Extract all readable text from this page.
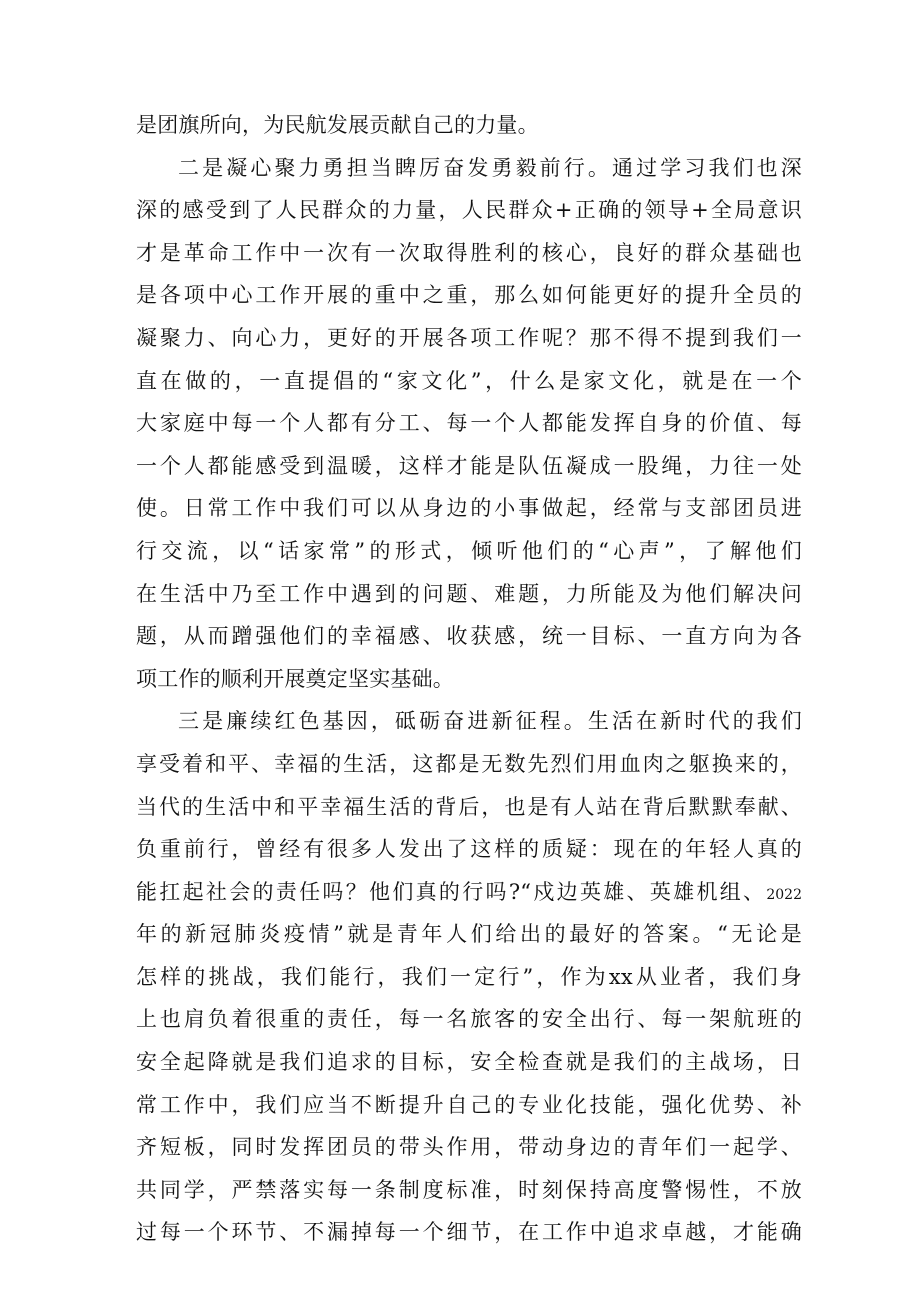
是团旗所向，为民航发展贡献自己的力量。
二是凝心聚力勇担当睥厉奋发勇毅前行。通过学习我们也深
深的感受到了人民群众的力量，人民群众+正确的领导+全局意识
才是革命工作中一次有一次取得胜利的核心，良好的群众基础也
是各项中心工作开展的重中之重，那么如何能更好的提升全员的
凝聚力、向心力，更好的开展各项工作呢？那不得不提到我们一
直在做的，一直提倡的“家文化”，什么是家文化，就是在一个
大家庭中每一个人都有分工、每一个人都能发挥自身的价值、每
一个人都能感受到温暖，这样才能是队伍凝成一股绳，力往一处
使。日常工作中我们可以从身边的小事做起，经常与支部团员进
行交流，以“话家常”的形式，倾听他们的“心声”，了解他们
在生活中乃至工作中遇到的问题、难题，力所能及为他们解决问
题，从而蹭强他们的幸福感、收获感，统一目标、一直方向为各
项工作的顺利开展奠定坚实基础。
三是廉续红色基因，砥砺奋进新征程。生活在新时代的我们
享受着和平、幸福的生活，这都是无数先烈们用血肉之躯换来的，
当代的生活中和平幸福生活的背后，也是有人站在背后默默奉献、
负重前行，曾经有很多人发出了这样的质疑：现在的年轻人真的
能扛起社会的责任吗？他们真的行吗?“戍边英雄、英雄机组、2022
年的新冠肺炎疫情”就是青年人们给出的最好的答案。“无论是
怎样的挑战，我们能行，我们一定行”，作为xx从业者，我们身
上也肩负着很重的责任，每一名旅客的安全出行、每一架航班的
安全起降就是我们追求的目标，安全检查就是我们的主战场，日
常工作中，我们应当不断提升自己的专业化技能，强化优势、补
齐短板，同时发挥团员的带头作用，带动身边的青年们一起学、
共同学，严禁落实每一条制度标准，时刻保持高度警惕性，不放
过每一个环节、不漏掉每一个细节，在工作中追求卓越，才能确
